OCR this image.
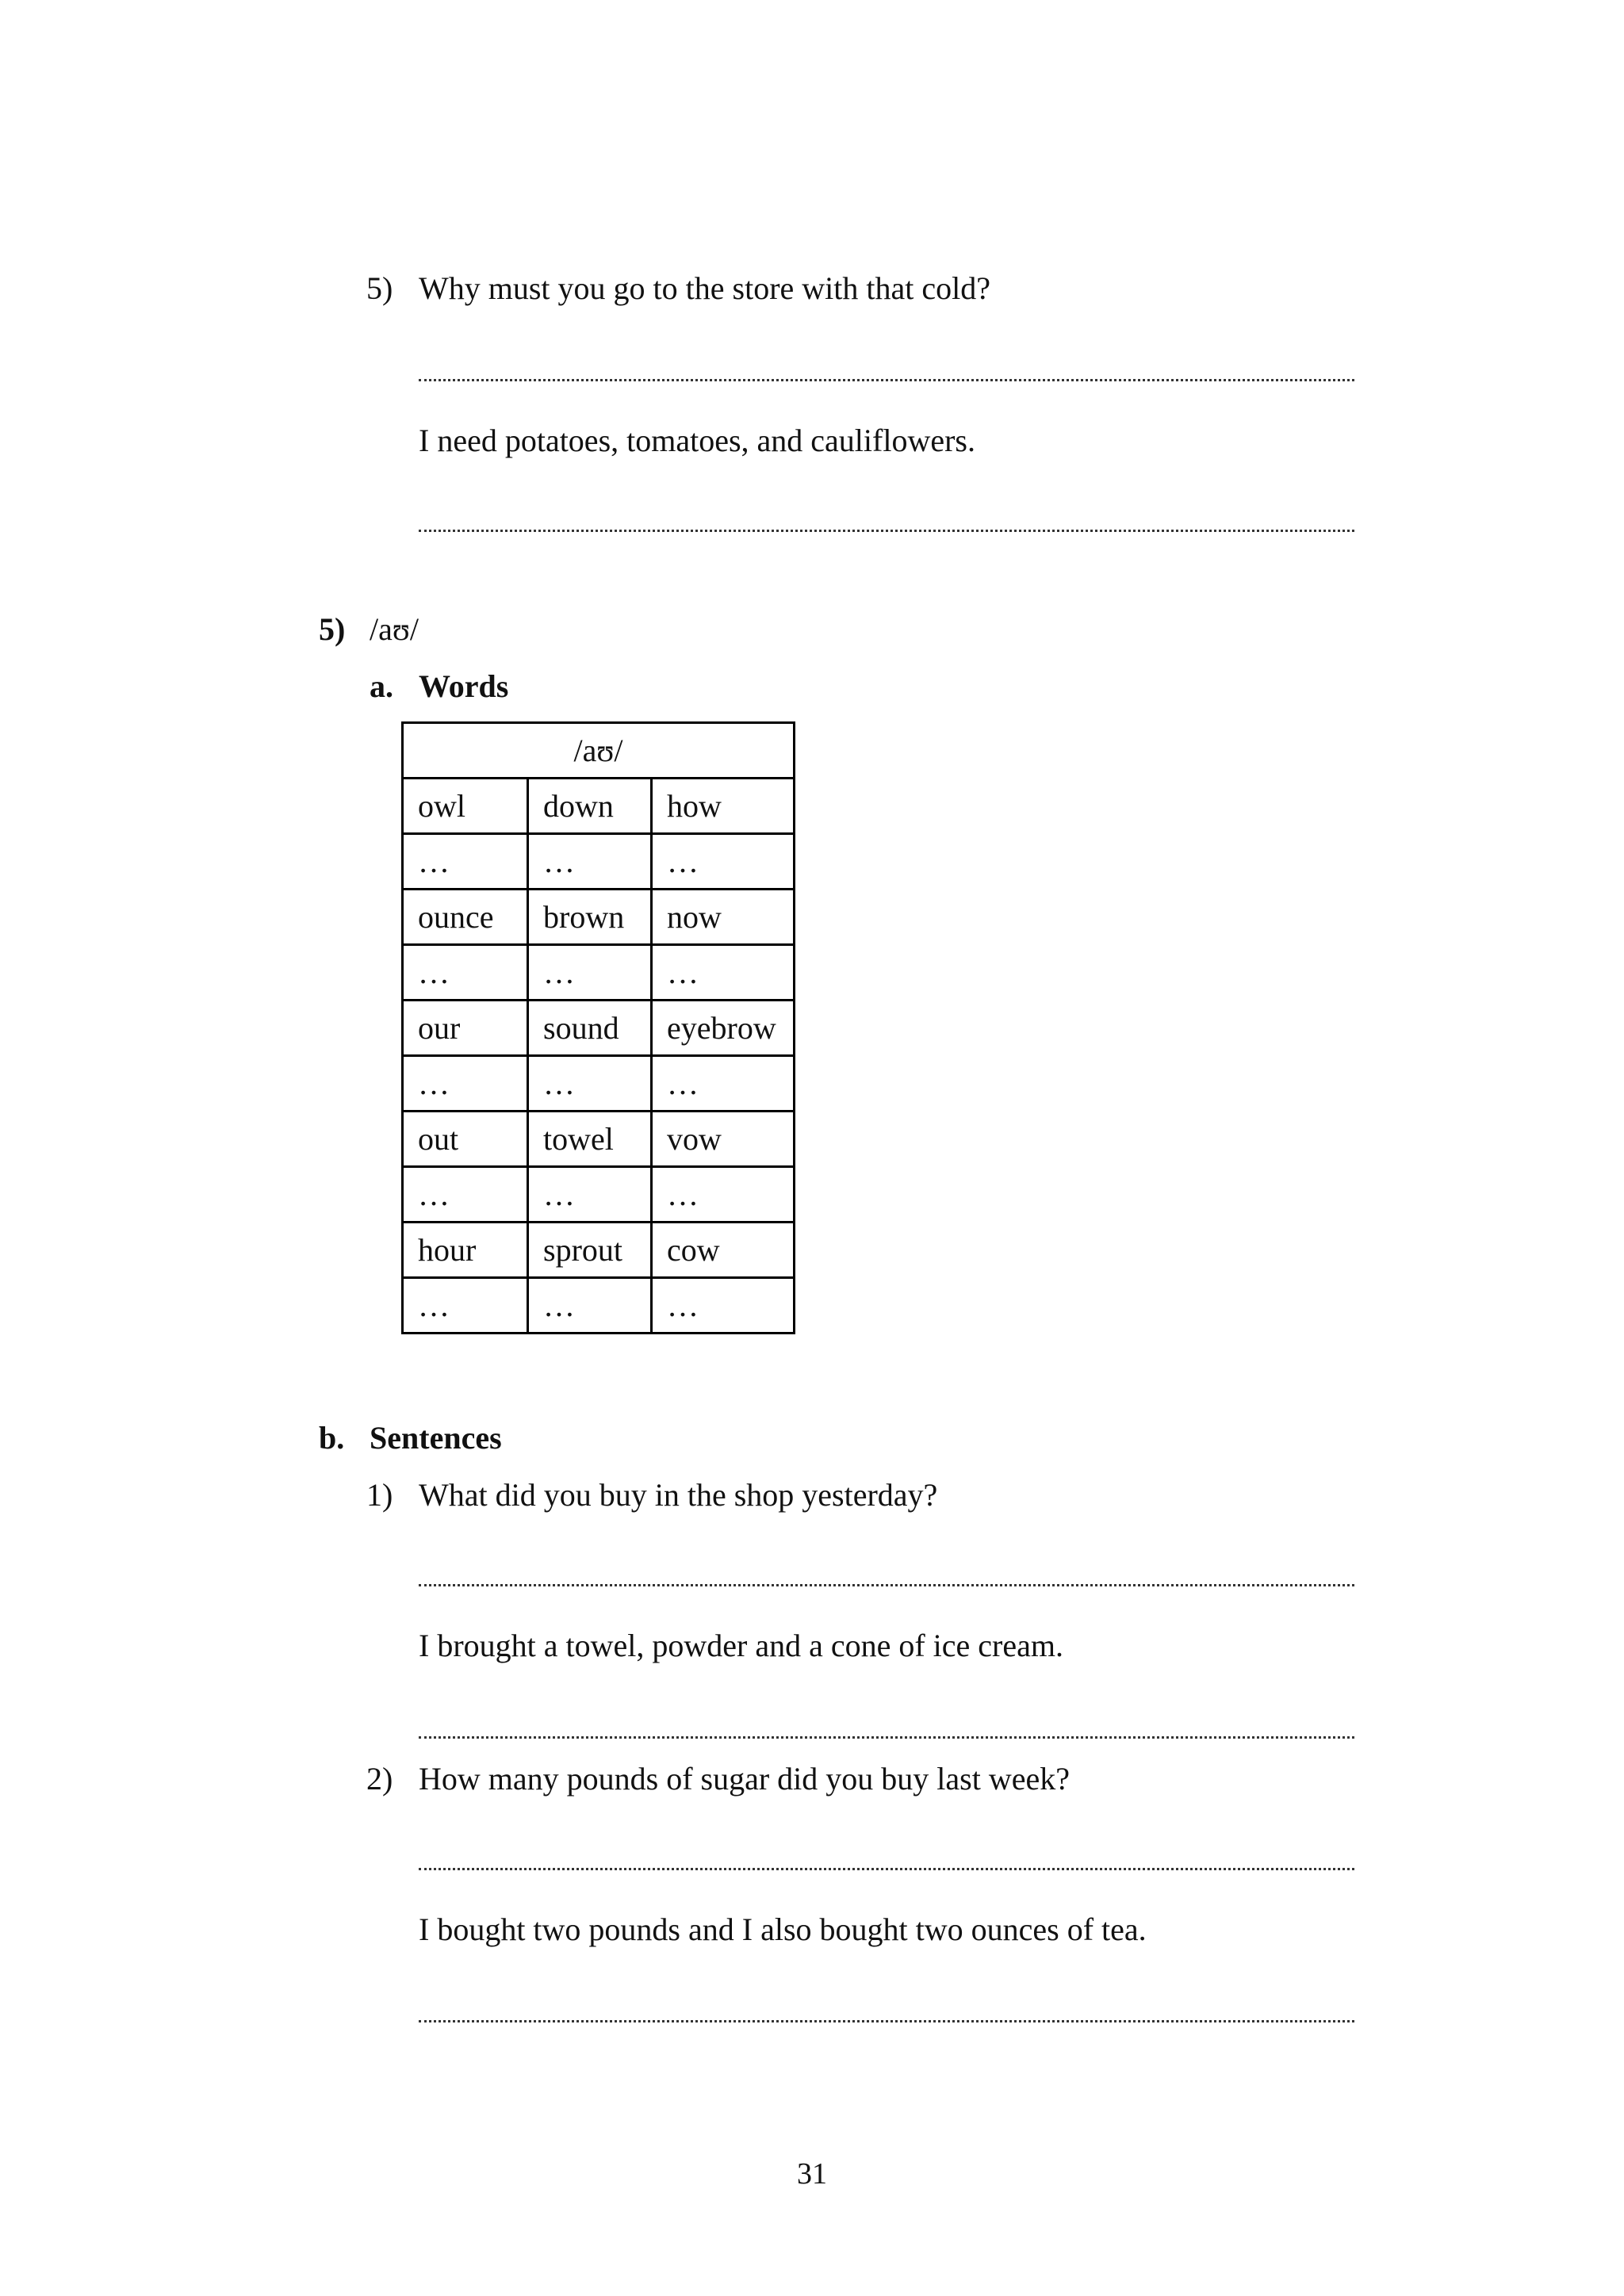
5) Why must you go to the store with that cold?
I need potatoes, tomatoes, and cauliflowers.
5) /aʊ/
a. Words
/aʊ/		
owl	down	how
…	…	…
ounce	brown	now
…	…	…
our	sound	eyebrow
…	…	…
out	towel	vow
…	…	…
hour	sprout	cow
…	…	…
b. Sentences
1) What did you buy in the shop yesterday?
I brought a towel, powder and a cone of ice cream.
2) How many pounds of sugar did you buy last week?
I bought two pounds and I also bought two ounces of tea.
31
